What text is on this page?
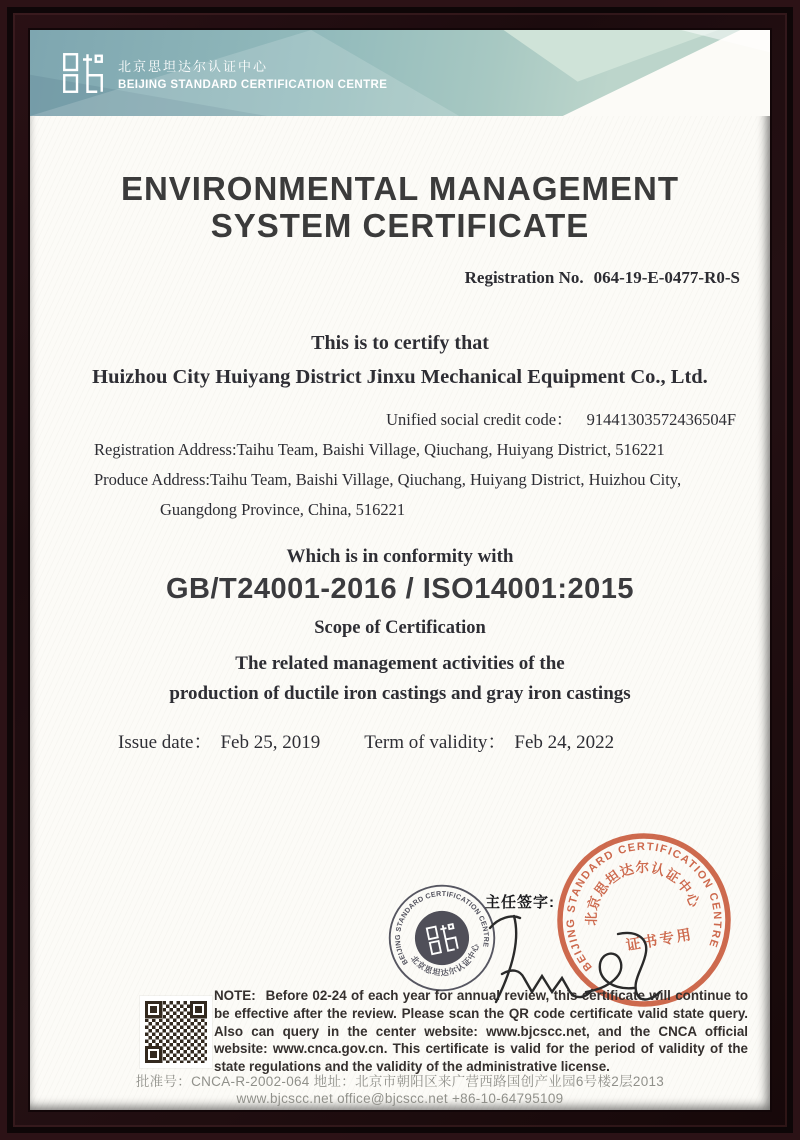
北京思坦达尔认证中心
BEIJING STANDARD CERTIFICATION CENTRE
ENVIRONMENTAL MANAGEMENT
SYSTEM CERTIFICATE
Registration No. 064-19-E-0477-R0-S
This is to certify that
Huizhou City Huiyang District Jinxu Mechanical Equipment Co., Ltd.
Unified social credit code： 91441303572436504F
Registration Address:Taihu Team, Baishi Village, Qiuchang, Huiyang District, 516221
Produce Address:Taihu Team, Baishi Village, Qiuchang, Huiyang District, Huizhou City,
Guangdong Province, China, 516221
Which is in conformity with
GB/T24001-2016 / ISO14001:2015
Scope of Certification
The related management activities of the
production of ductile iron castings and gray iron castings
Issue date： Feb 25, 2019 Term of validity： Feb 24, 2022
BEIJING STANDARD CERTIFICATION CENTRE
北京思坦达尔认证中心
主任签字:
BEIJING STANDARD CERTIFICATION CENTRE
北京思坦达尔认证中心
证书专用

NOTE: Before 02-24 of each year for annual review, this certificate will continue to be effective after the review. Please scan the QR code certificate valid state query. Also can query in the center website: www.bjcscc.net, and the CNCA official website: www.cnca.gov.cn. This certificate is valid for the period of validity of the state regulations and the validity of the administrative license.

批准号：CNCA-R-2002-064 地址：北京市朝阳区来广营西路国创产业园6号楼2层2013
www.bjcscc.net office@bjcscc.net +86-10-64795109
